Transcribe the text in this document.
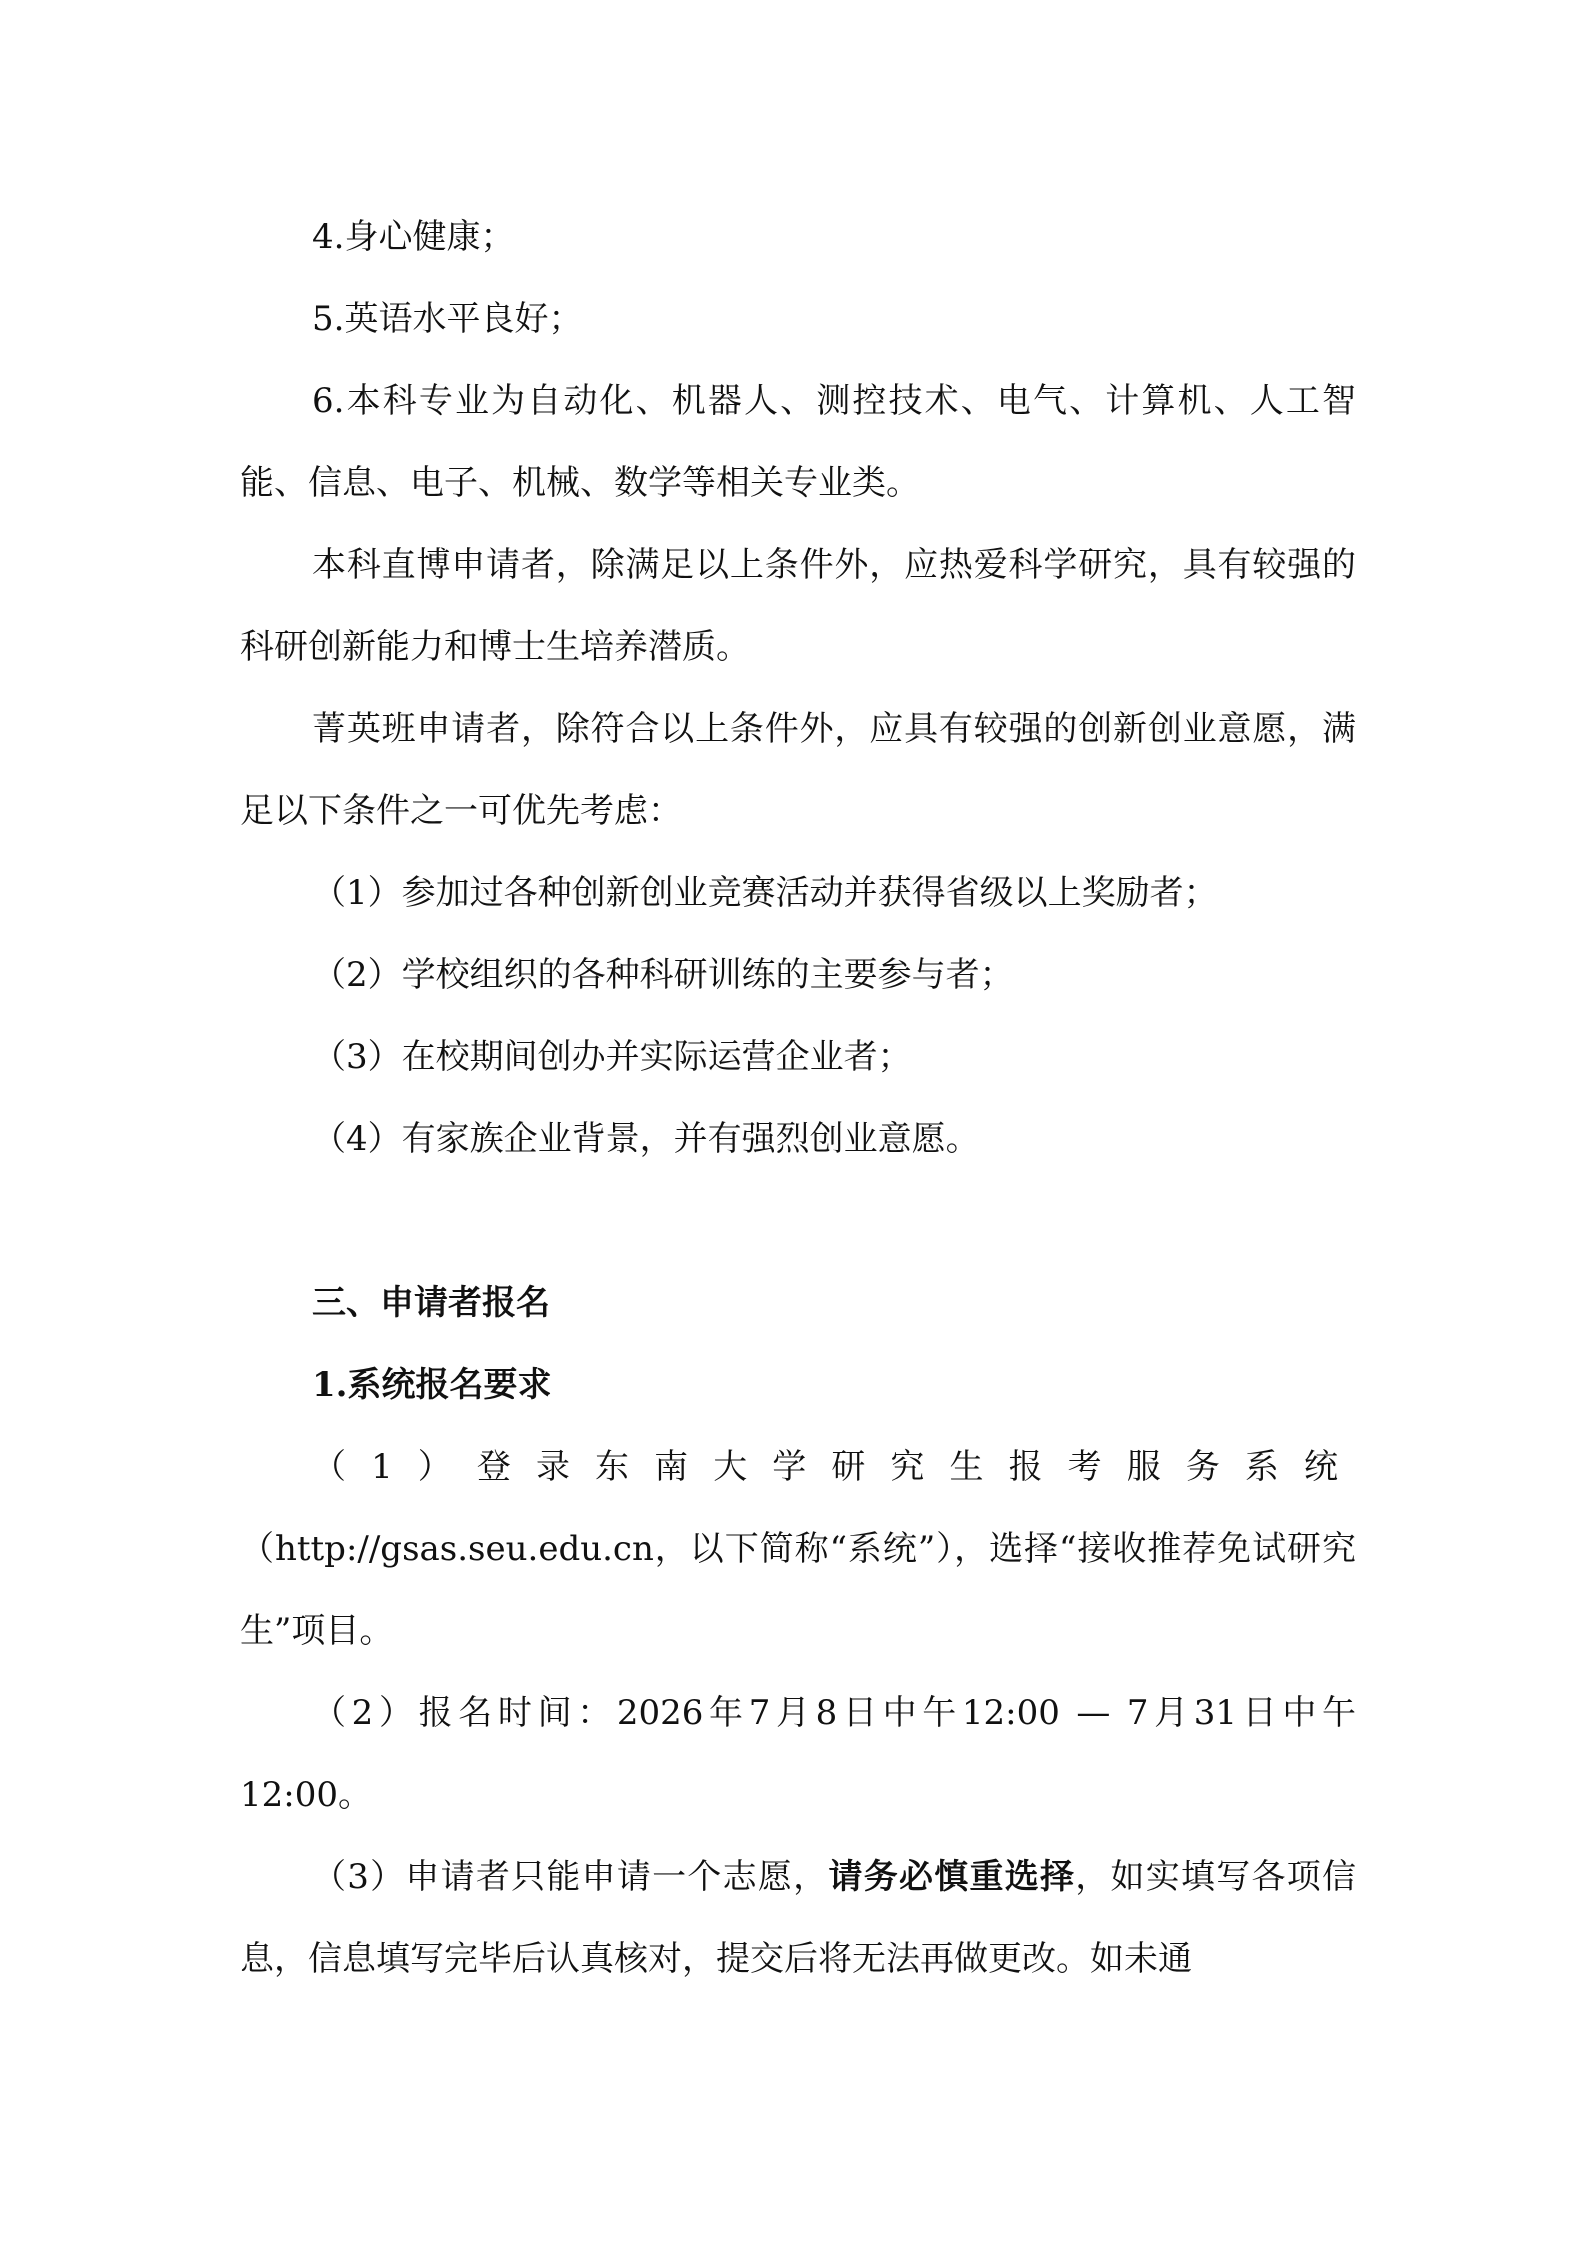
4.身心健康；

5.英语水平良好；

6.本科专业为自动化、机器人、测控技术、电气、计算机、人工智能、信息、电子、机械、数学等相关专业类。

本科直博申请者，除满足以上条件外，应热爱科学研究，具有较强的科研创新能力和博士生培养潜质。

菁英班申请者，除符合以上条件外，应具有较强的创新创业意愿，满足以下条件之一可优先考虑：

（1）参加过各种创新创业竞赛活动并获得省级以上奖励者；

（2）学校组织的各种科研训练的主要参与者；

（3）在校期间创办并实际运营企业者；

（4）有家族企业背景，并有强烈创业意愿。

三、申请者报名

1.系统报名要求

（1）登录东南大学研究生报考服务系统

（http://gsas.seu.edu.cn，以下简称“系统”），选择“接收推荐免试研究生”项目。

（2）报名时间：2026年7月8日中午12:00 — 7月31日中午12:00。

（3）申请者只能申请一个志愿，请务必慎重选择，如实填写各项信息，信息填写完毕后认真核对，提交后将无法再做更改。如未通
